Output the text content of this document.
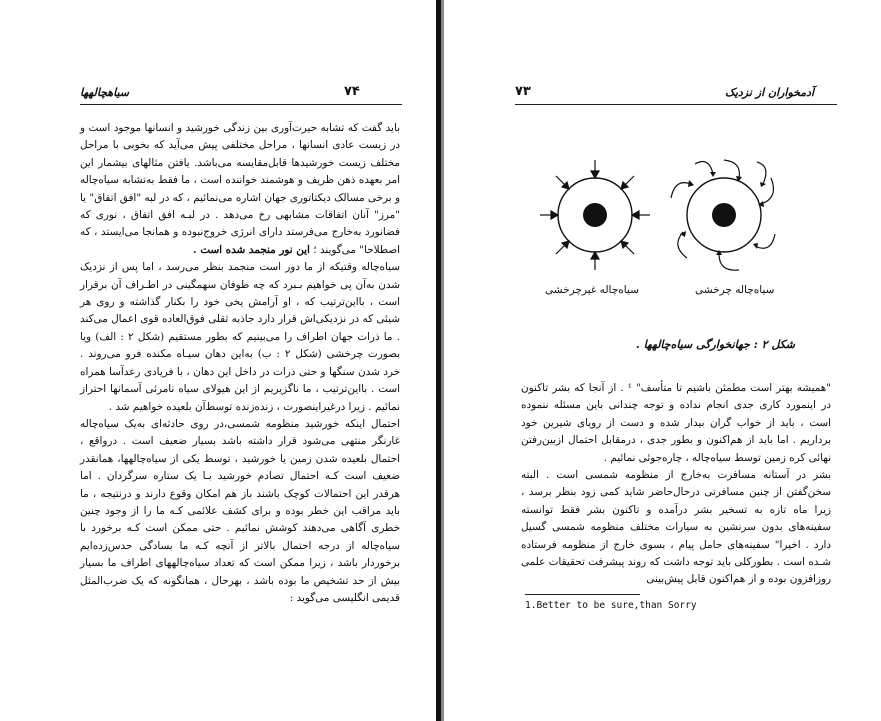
سیاهچالهها	۷۴

باید گفت که تشابه حیرت‌آوری بین زندگی خورشید و انسانها موجود است و در زیست عادی انسانها ، مراحل مختلفی پیش می‌آید که بخوبی با مراحل مختلف زیست خورشیدها قابل‌مقایسه می‌باشد. یافتن مثالهای بیشمار این امر بعهده ذهن ظریف و هوشمند خواننده است ، ما فقط به‌تشابه سیاه‌چاله و برخی مسالک دیکتاتوری جهان اشاره می‌نمائیم ، که در لبه "افق اتفاق" یا "مرز" آنان اتفاقات مشابهی رخ می‌دهد . در لبـه افق اتفاق ، نوری که فضانورد به‌خارج می‌فرستد دارای انرژی خروج‌نبوده و همانجا می‌ایستد ، که اصطلاحا" می‌گویند ؛ این نور منجمد شده است .

سیاه‌چاله وقتیکه از ما دور است منجمد بنظر می‌رسد ، اما پس از نزدیک شدن به‌آن پی خواهیم بـبرد که چه طوفان سهمگینی در اطـراف آن برقرار است ، بااین‌ترتیب که ، او آرامش یخی خود را بکنار گذاشته و روی هر شیئی که در نزدیکی‌اش قرار دارد جاذبه ثقلی فوق‌العاده قوی اعمال می‌کند . ما ذرات جهان اطراف را می‌بینیم که بطور مستقیم (شکل ۲ : الف) ویا بصورت چرخشی (شکل ۲ : ب) به‌این دهان سیـاه مکنده فرو می‌روند . خرد شدن سنگها و حتی ذرات در داخل این دهان ، با فریادی رعدآسا همراه است . بااین‌ترتیب ، ما ناگزیریم از این هیولای سیاه نامرئی آسمانها احتراز نمائیم . زیرا درغیراینصورت ، زنده‌زنده توسط‌آن بلعیده خواهیم شد .

احتمال اینکه خورشید منظومه شمسی،در روی حادثه‌ای به‌یک سیاه‌چاله غارنگر منتهی می‌شود قرار داشته باشد بسیار ضعیف است . درواقع ، احتمال بلعیده شدن زمین یا خورشید ، توسط یکی از سیاه‌چالهها، همانقدر ضعیف است کـه احتمال تصادم خورشید بـا یک ستاره سرگردان . اما هرقدر این احتمالات کوچک باشند باز هم امکان وقوع دارند و درنتیجه ، ما باید مراقب این خطر بوده و برای کشف علائمی کـه ما را از وجود چنین خطری آگاهی می‌دهند کوشش نمائیم . حتی ممکن است کـه برخورد با سیاه‌چاله از درجه احتمال بالاتر از آنچه کـه ما بسادگی حدس‌زده‌ایم برخوردار باشد ، زیرا ممکن است که تعداد سیاه‌چالههای اطراف ما بسیار بیش از حد تشخیص ما بوده باشد ، بهرحال ، همانگونه که یک ضرب‌المثل قدیمی انگلیسی می‌گوید :

۷۳	آدمخواران از نزدیک
سیاه‌چاله غیرچرخشی	سیاه‌چاله چرخشی
شکل ۲ : جهانخوارگی سیاه‌چالهها .

"همیشه بهتر است مطمئن باشیم تا متأسف" ¹ . از آنجا که بشر تاکنون در اینمورد کاری جدی انجام نداده و توجه چندانی باین مسئله ننموده است ، باید از خواب گران بیدار شده و دست از رویای شیرین خود برداریم . اما باید از هم‌اکنون و بطور جدی ، درمقابل احتمال ازبین‌رفتن نهائی کره زمین توسط سیاه‌چاله ، چاره‌جوئی نمائیم .

بشر در آستانه مسافرت به‌خارج از منظومه شمسی است . البته سخن‌گفتن از چنین مسافرتی درحال‌حاضر شاید کمی زود بنظر برسد ، زیرا ماه تازه به تسخیر بشر درآمده و تاکنون بشر فقط توانسته سفینه‌های بدون سرنشین به سیارات مختلف منظومه شمسی گسیل دارد . اخیرا" سفینه‌های حامل پیام ، بسوی خارج از منظومه فرستاده شـده است . بطورکلی باید توجه داشت که روند پیشرفت تحقیقات علمی روزافزون بوده و از هم‌اکنون قابل پیش‌بینی

1.Better to be sure,than Sorry
